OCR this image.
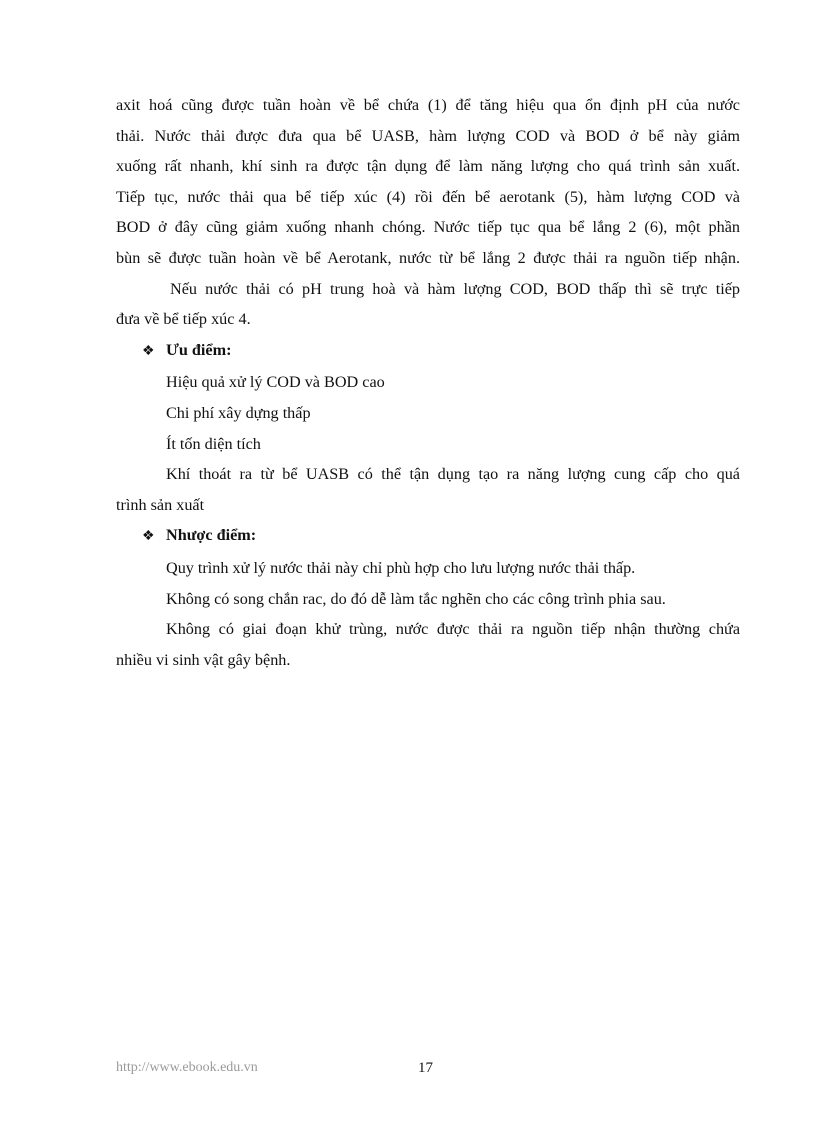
axit hoá cũng được tuần hoàn về bể chứa (1) để tăng hiệu qua ổn định pH của nước
thải. Nước thải được đưa qua bể UASB, hàm lượng COD và BOD ở bể này giảm
xuống rất nhanh, khí sinh ra được tận dụng để làm năng lượng cho quá trình sản xuất.
Tiếp tục, nước thải qua bể tiếp xúc (4) rồi đến bể aerotank (5), hàm lượng COD và
BOD ở đây cũng giảm xuống nhanh chóng. Nước tiếp tục qua bể lắng 2 (6), một phần
bùn sẽ được tuần hoàn về bể Aerotank, nước từ bể lắng 2 được thải ra nguồn tiếp nhận.

Nếu nước thải có pH trung hoà và hàm lượng COD, BOD thấp thì sẽ trực tiếp
đưa về bể tiếp xúc 4.

❖ Ưu điểm:

Hiệu quả xử lý COD và BOD cao

Chi phí xây dựng thấp

Ít tốn diện tích

Khí thoát ra từ bể UASB có thể tận dụng tạo ra năng lượng cung cấp cho quá
trình sản xuất

❖ Nhược điểm:

Quy trình xử lý nước thải này chỉ phù hợp cho lưu lượng nước thải thấp.

Không có song chắn rac, do đó dễ làm tắc nghẽn cho các công trình phia sau.

Không có giai đoạn khử trùng, nước được thải ra nguồn tiếp nhận thường chứa
nhiều vi sinh vật gây bệnh.

http://www.ebook.edu.vn	17
